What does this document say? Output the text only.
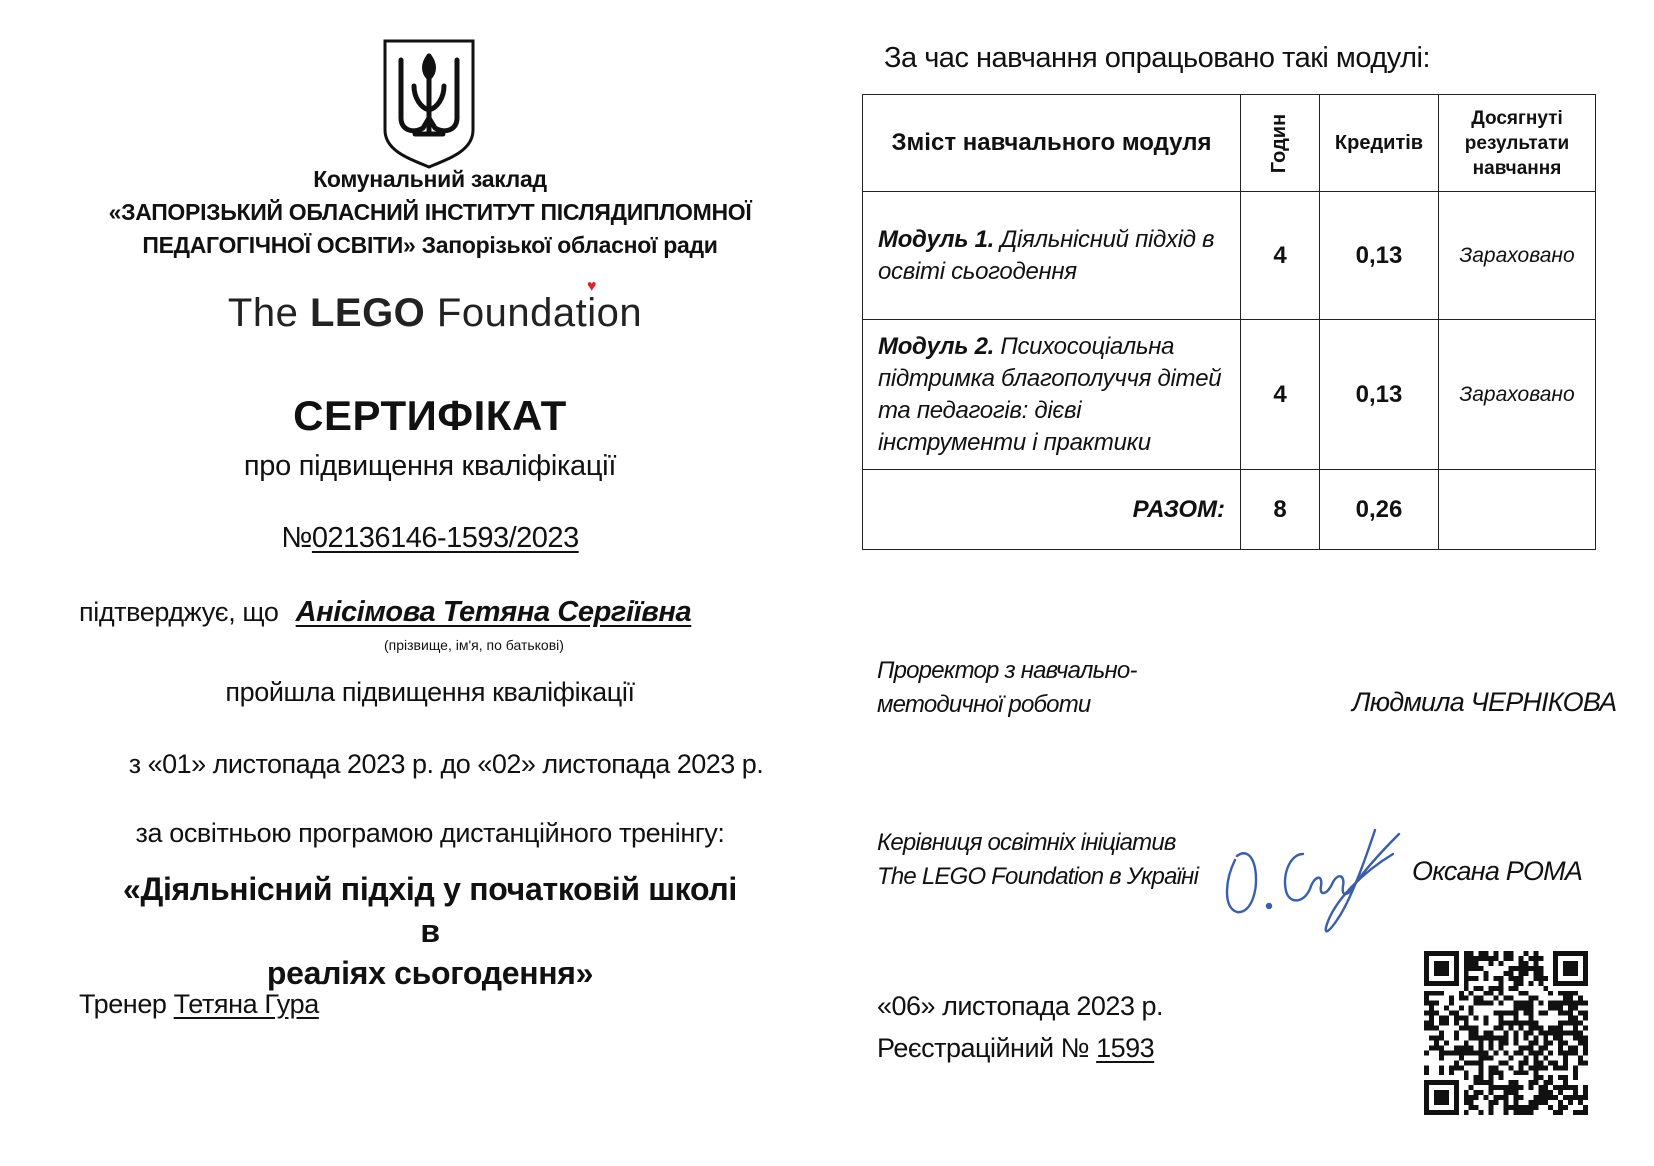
Комунальний заклад
«ЗАПОРІЗЬКИЙ ОБЛАСНИЙ ІНСТИТУТ ПІСЛЯДИПЛОМНОЇ
ПЕДАГОГІЧНОЇ ОСВІТИ» Запорізької обласної ради
The LEGO Foundati
♥
on
СЕРТИФІКАТ
про підвищення кваліфікації
№02136146-1593/2023
підтверджує, що Анісімова Тетяна Сергіївна
(прізвище, ім'я, по батькові)
пройшла підвищення кваліфікації
з «01» листопада 2023 р. до «02» листопада 2023 р.
за освітньою програмою дистанційного тренінгу:
«Діяльнісний підхід у початковій школі в
реаліях сьогодення»
Тренер Тетяна Гура
За час навчання опрацьовано такі модулі:
Зміст навчального модуля	Годин	Кредитів	Досягнуті
результати
навчання

Модуль 1. Діяльнісний підхід в
освіті сьогодення	4	0,13	Зараховано

Модуль 2. Психосоціальна
підтримка благополуччя дітей
та педагогів: дієві
інструменти і практики	4	0,13	Зараховано
РАЗОМ:	8	0,26	
Проректор з навчально-
методичної роботи	Людмила ЧЕРНІКОВА
Керівниця освітніх ініціатив
The LEGO Foundation в Україні	Оксана РОМА
«06» листопада 2023 р.
Реєстраційний № 1593
